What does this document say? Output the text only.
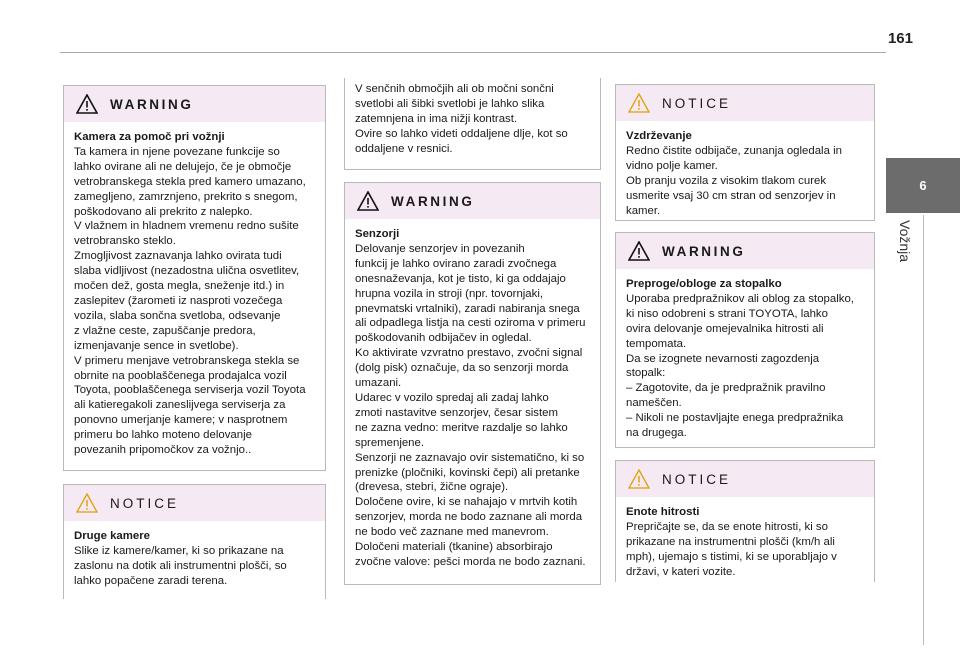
161
6
Vožnja
WARNING
Kamera za pomoč pri vožnji
Ta kamera in njene povezane funkcije so
lahko ovirane ali ne delujejo, če je območje
vetrobranskega stekla pred kamero umazano,
zamegljeno, zamrznjeno, prekrito s snegom,
poškodovano ali prekrito z nalepko.
V vlažnem in hladnem vremenu redno sušite
vetrobransko steklo.
Zmogljivost zaznavanja lahko ovirata tudi
slaba vidljivost (nezadostna ulična osvetlitev,
močen dež, gosta megla, sneženje itd.) in
zaslepitev (žarometi iz nasproti vozečega
vozila, slaba sončna svetloba, odsevanje
z vlažne ceste, zapuščanje predora,
izmenjavanje sence in svetlobe).
V primeru menjave vetrobranskega stekla se
obrnite na pooblaščenega prodajalca vozil
Toyota, pooblaščenega serviserja vozil Toyota
ali katieregakoli zaneslijvega serviserja za
ponovno umerjanje kamere; v nasprotnem
primeru bo lahko moteno delovanje
povezanih pripomočkov za vožnjo..
NOTICE
Druge kamere
Slike iz kamere/kamer, ki so prikazane na
zaslonu na dotik ali instrumentni plošči, so
lahko popačene zaradi terena.
V senčnih območjih ali ob močni sončni
svetlobi ali šibki svetlobi je lahko slika
zatemnjena in ima nižji kontrast.
Ovire so lahko videti oddaljene dlje, kot so
oddaljene v resnici.
WARNING
Senzorji
Delovanje senzorjev in povezanih
funkcij je lahko ovirano zaradi zvočnega
onesnaževanja, kot je tisto, ki ga oddajajo
hrupna vozila in stroji (npr. tovornjaki,
pnevmatski vrtalniki), zaradi nabiranja snega
ali odpadlega listja na cesti oziroma v primeru
poškodovanih odbijačev in ogledal.
Ko aktivirate vzvratno prestavo, zvočni signal
(dolg pisk) označuje, da so senzorji morda
umazani.
Udarec v vozilo spredaj ali zadaj lahko
zmoti nastavitve senzorjev, česar sistem
ne zazna vedno: meritve razdalje so lahko
spremenjene.
Senzorji ne zaznavajo ovir sistematično, ki so
prenizke (pločniki, kovinski čepi) ali pretanke
(drevesa, stebri, žične ograje).
Določene ovire, ki se nahajajo v mrtvih kotih
senzorjev, morda ne bodo zaznane ali morda
ne bodo več zaznane med manevrom.
Določeni materiali (tkanine) absorbirajo
zvočne valove: pešci morda ne bodo zaznani.
NOTICE
Vzdrževanje
Redno čistite odbijače, zunanja ogledala in
vidno polje kamer.
Ob pranju vozila z visokim tlakom curek
usmerite vsaj 30 cm stran od senzorjev in
kamer.
WARNING
Preproge/obloge za stopalko
Uporaba predpražnikov ali oblog za stopalko,
ki niso odobreni s strani TOYOTA, lahko
ovira delovanje omejevalnika hitrosti ali
tempomata.
Da se izognete nevarnosti zagozdenja
stopalk:
– Zagotovite, da je predpražnik pravilno
nameščen.
– Nikoli ne postavljajte enega predpražnika
na drugega.
NOTICE
Enote hitrosti
Prepričajte se, da se enote hitrosti, ki so
prikazane na instrumentni plošči (km/h ali
mph), ujemajo s tistimi, ki se uporabljajo v
državi, v kateri vozite.
